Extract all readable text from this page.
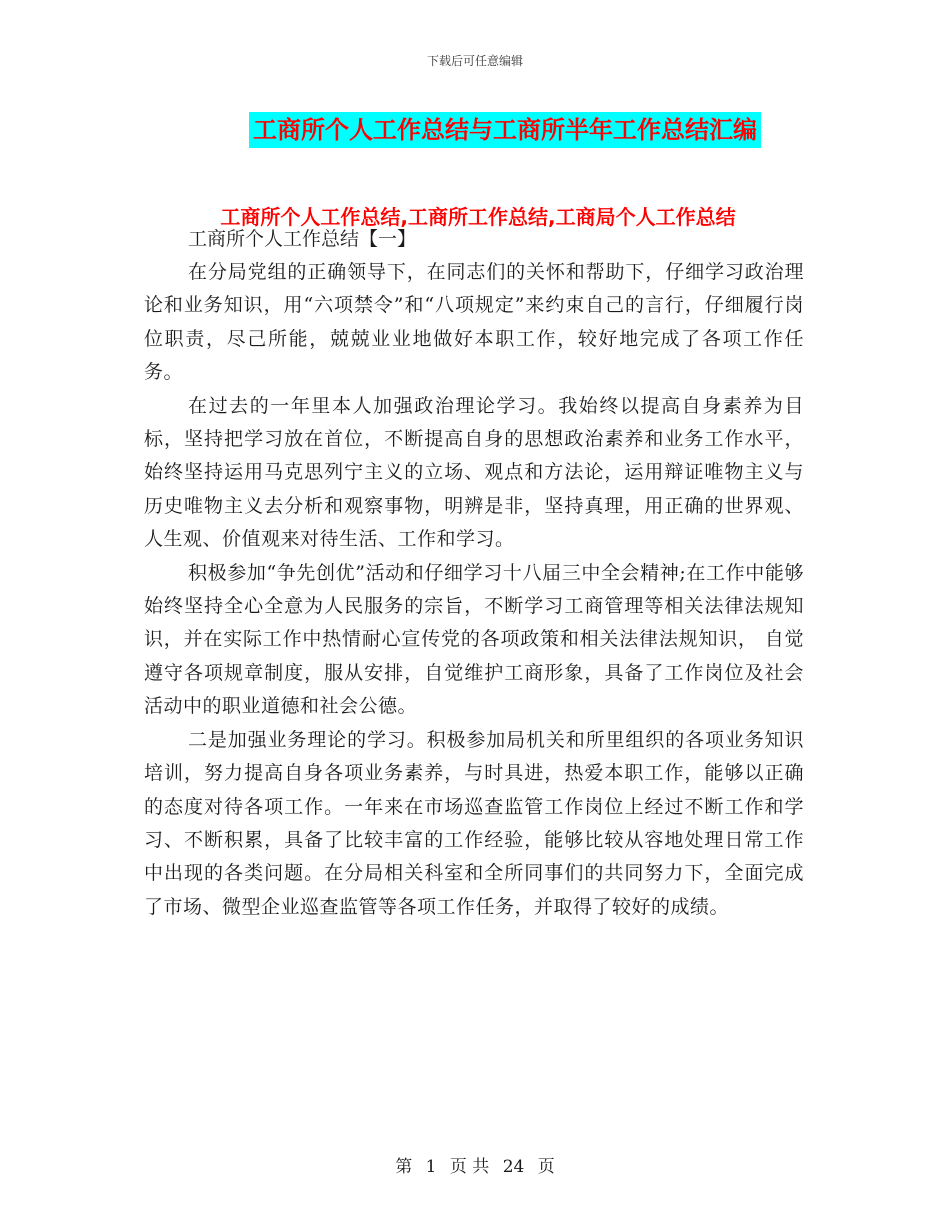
下载后可任意编辑
工商所个人工作总结与工商所半年工作总结汇编
工商所个人工作总结,工商所工作总结,工商局个人工作总结

工商所个人工作总结【一】

在分局党组的正确领导下，在同志们的关怀和帮助下，仔细学习政治理论和业务知识，用“六项禁令”和“八项规定”来约束自己的言行，仔细履行岗位职责，尽己所能，兢兢业业地做好本职工作，较好地完成了各项工作任务。

在过去的一年里本人加强政治理论学习。我始终以提高自身素养为目标，坚持把学习放在首位，不断提高自身的思想政治素养和业务工作水平，始终坚持运用马克思列宁主义的立场、观点和方法论，运用辩证唯物主义与历史唯物主义去分析和观察事物，明辨是非，坚持真理，用正确的世界观、人生观、价值观来对待生活、工作和学习。

积极参加“争先创优”活动和仔细学习十八届三中全会精神;在工作中能够始终坚持全心全意为人民服务的宗旨，不断学习工商管理等相关法律法规知识，并在实际工作中热情耐心宣传党的各项政策和相关法律法规知识， 自觉遵守各项规章制度，服从安排，自觉维护工商形象，具备了工作岗位及社会活动中的职业道德和社会公德。

二是加强业务理论的学习。积极参加局机关和所里组织的各项业务知识培训，努力提高自身各项业务素养，与时具进，热爱本职工作，能够以正确的态度对待各项工作。一年来在市场巡查监管工作岗位上经过不断工作和学习、不断积累，具备了比较丰富的工作经验，能够比较从容地处理日常工作中出现的各类问题。在分局相关科室和全所同事们的共同努力下，全面完成了市场、微型企业巡查监管等各项工作任务，并取得了较好的成绩。

第 1 页 共 24 页
